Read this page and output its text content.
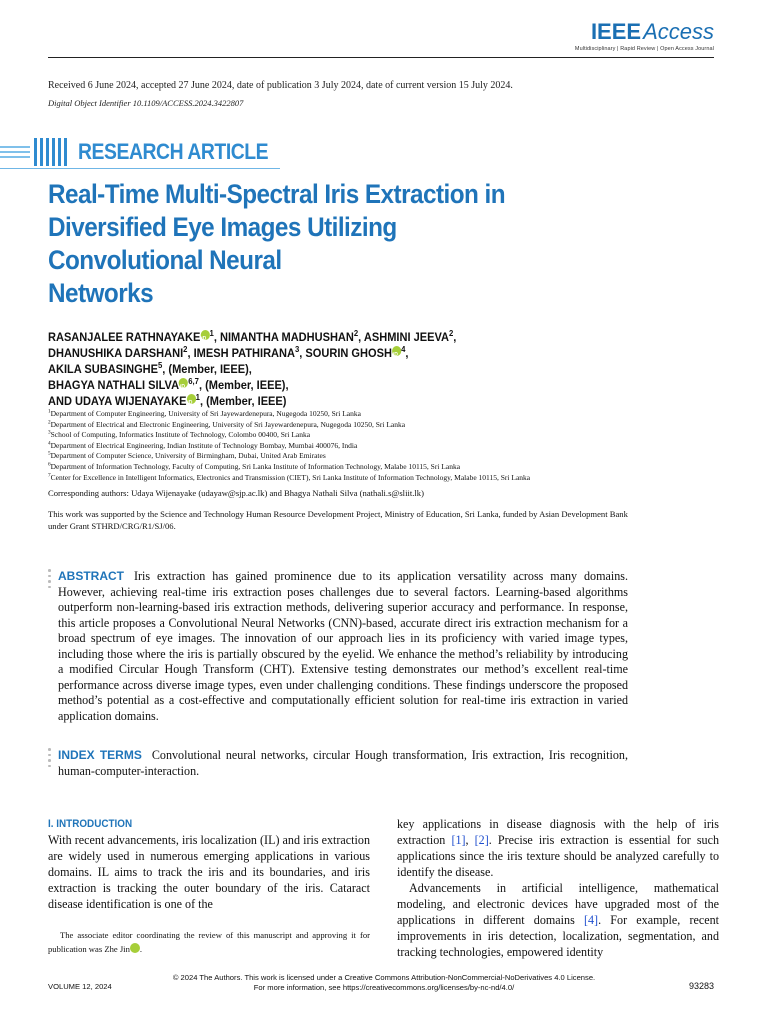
IEEEAccess
Multidisciplinary | Rapid Review | Open Access Journal
Received 6 June 2024, accepted 27 June 2024, date of publication 3 July 2024, date of current version 15 July 2024.
Digital Object Identifier 10.1109/ACCESS.2024.3422807
RESEARCH ARTICLE
Real-Time Multi-Spectral Iris Extraction in
Diversified Eye Images Utilizing
Convolutional Neural
Networks
RASANJALEE RATHNAYAKE iD $^1$, NIMANTHA MADHUSHAN$^2$, ASHMINI JEEVA$^2$,
DHANUSHIKA DARSHANI$^2$, IMESH PATHIRANA$^3$, SOURIN GHOSH iD $^4$,
AKILA SUBASINGHE$^5$, (Member, IEEE),
BHAGYA NATHALI SILVA iD $^{6,7}$, (Member, IEEE),
AND UDAYA WIJENAYAKE iD $^1$, (Member, IEEE)
$^1$Department of Computer Engineering, University of Sri Jayewardenepura, Nugegoda 10250, Sri Lanka
$^2$Department of Electrical and Electronic Engineering, University of Sri Jayewardenepura, Nugegoda 10250, Sri Lanka
$^3$School of Computing, Informatics Institute of Technology, Colombo 00400, Sri Lanka
$^4$Department of Electrical Engineering, Indian Institute of Technology Bombay, Mumbai 400076, India
$^5$Department of Computer Science, University of Birmingham, Dubai, United Arab Emirates
$^6$Department of Information Technology, Faculty of Computing, Sri Lanka Institute of Information Technology, Malabe 10115, Sri Lanka
$^7$Center for Excellence in Intelligent Informatics, Electronics and Transmission (CIET), Sri Lanka Institute of Information Technology, Malabe 10115, Sri Lanka
Corresponding authors: Udaya Wijenayake (udayaw@sjp.ac.lk) and Bhagya Nathali Silva (nathali.s@sliit.lk)
This work was supported by the Science and Technology Human Resource Development Project, Ministry of Education, Sri Lanka, funded by Asian Development Bank under Grant STHRD/CRG/R1/SJ/06.
ABSTRACT Iris extraction has gained prominence due to its application versatility across many domains. However, achieving real-time iris extraction poses challenges due to several factors. Learning-based algorithms outperform non-learning-based iris extraction methods, delivering superior accuracy and performance. In response, this article proposes a Convolutional Neural Networks (CNN)-based, accurate direct iris extraction mechanism for a broad spectrum of eye images. The innovation of our approach lies in its proficiency with varied image types, including those where the iris is partially obscured by the eyelid. We enhance the method’s reliability by introducing a modified Circular Hough Transform (CHT). Extensive testing demonstrates our method’s excellent real-time performance across diverse image types, even under challenging conditions. These findings underscore the proposed method’s potential as a cost-effective and computationally efficient solution for real-time iris extraction in varied application domains.
INDEX TERMS Convolutional neural networks, circular Hough transformation, Iris extraction, Iris recognition, human-computer-interaction.
I. INTRODUCTION

With recent advancements, iris localization (IL) and iris extraction are widely used in numerous emerging applications in various domains. IL aims to track the iris and its boundaries, and iris extraction is tracking the outer boundary of the iris. Cataract disease identification is one of the

The associate editor coordinating the review of this manuscript and approving it for publication was Zhe JiniD

key applications in disease diagnosis with the help of iris extraction [1], [2]. Precise iris extraction is essential for such applications since the iris texture should be analyzed carefully to identify the disease.

Advancements in artificial intelligence, mathematical modeling, and electronic devices have upgraded most of the applications in different domains [4]. For example, recent improvements in iris detection, localization, segmentation, and tracking technologies, empowered identity

© 2024 The Authors. This work is licensed under a Creative Commons Attribution-NonCommercial-NoDerivatives 4.0 License.
For more information, see https://creativecommons.org/licenses/by-nc-nd/4.0/
VOLUME 12, 2024	93283
